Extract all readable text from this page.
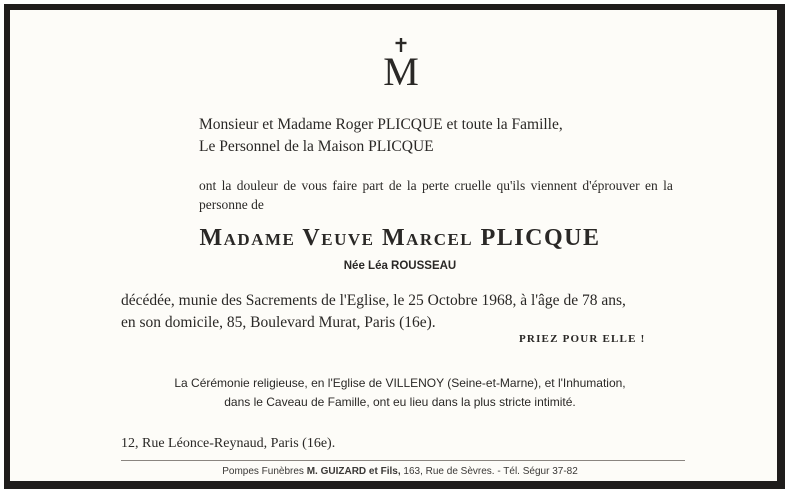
M
Monsieur et Madame Roger PLICQUE et toute la Famille,
Le Personnel de la Maison PLICQUE
ont la douleur de vous faire part de la perte cruelle qu'ils viennent d'éprouver en la
personne de
Madame Veuve Marcel PLICQUE
Née Léa ROUSSEAU
décédée, munie des Sacrements de l'Eglise, le 25 Octobre 1968, à l'âge de 78 ans,
en son domicile, 85, Boulevard Murat, Paris (16e).
PRIEZ POUR ELLE !
La Cérémonie religieuse, en l'Eglise de VILLENOY (Seine-et-Marne), et l'Inhumation,
dans le Caveau de Famille, ont eu lieu dans la plus stricte intimité.
12, Rue Léonce-Reynaud, Paris (16e).
Pompes Funèbres M. GUIZARD et Fils, 163, Rue de Sèvres. - Tél. Ségur 37-82
